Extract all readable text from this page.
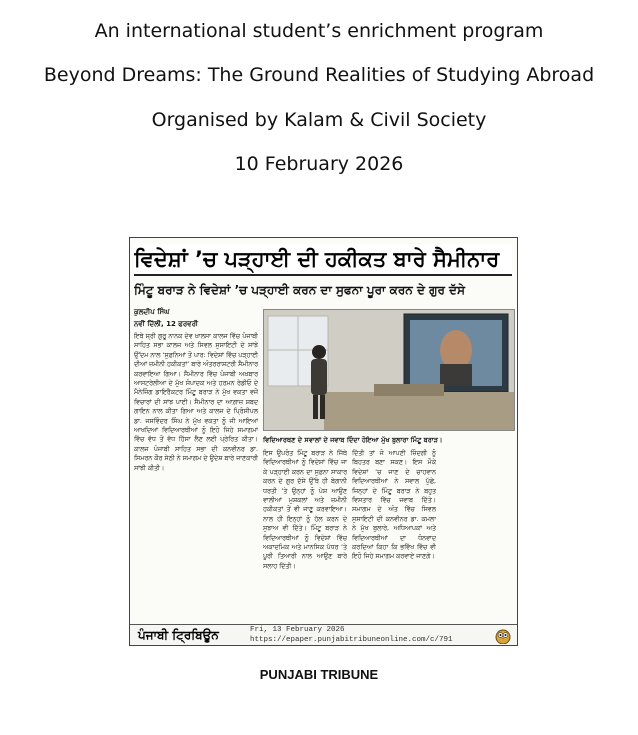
An international student’s enrichment program
Beyond Dreams: The Ground Realities of Studying Abroad
Organised by Kalam & Civil Society
10 February 2026
ਵਿਦੇਸ਼ਾਂ ’ਚ ਪੜ੍ਹਾਈ ਦੀ ਹਕੀਕਤ ਬਾਰੇ ਸੈਮੀਨਾਰ
ਮਿੰਟੂ ਬਰਾੜ ਨੇ ਵਿਦੇਸ਼ਾਂ ’ਚ ਪੜ੍ਹਾਈ ਕਰਨ ਦਾ ਸੁਫਨਾ ਪੂਰਾ ਕਰਨ ਦੇ ਗੁਰ ਦੱਸੇ
ਕੁਲਦੀਪ ਸਿੰਘ
ਨਵੀਂ ਦਿੱਲੀ, 12 ਫਰਵਰੀ
ਇਥੇ ਸ੍ਰੀ ਗੁਰੂ ਨਾਨਕ ਦੇਵ ਖ਼ਾਲਸਾ ਕਾਲਜ ਵਿੱਚ ਪੰਜਾਬੀ ਸਾਹਿਤ ਸਭਾ ਕਾਲਜ ਅਤੇ ਸਿਵਲ ਸੁਸਾਇਟੀ ਦੇ ਸਾਂਝੇ ਉੱਦਮ ਨਾਲ ‘ਸੁਫ਼ਨਿਆਂ ਤੋਂ ਪਾਰ: ਵਿਦੇਸ਼ਾਂ ਵਿੱਚ ਪੜ੍ਹਾਈ ਦੀਆਂ ਜ਼ਮੀਨੀ ਹਕੀਕਤਾਂ’ ਬਾਰੇ ਅੰਤਰਰਾਸ਼ਟਰੀ ਸੈਮੀਨਾਰ ਕਰਵਾਇਆ ਗਿਆ। ਸੈਮੀਨਾਰ ਵਿੱਚ ਪੰਜਾਬੀ ਅਖ਼ਬਾਰ ਆਸਟਰੇਲੀਆ ਦੇ ਮੁੱਖ ਸੰਪਾਦਕ ਅਤੇ ਹਰਮਨ ਰੇਡੀਓ ਦੇ ਮੈਨੇਜਿੰਗ ਡਾਇਰੈਕਟਰ ਮਿੰਟੂ ਬਰਾੜ ਨੇ ਮੁੱਖ ਵਕਤਾ ਵਜੋਂ ਵਿਚਾਰਾਂ ਦੀ ਸਾਂਝ ਪਾਈ। ਸੈਮੀਨਾਰ ਦਾ ਆਗ਼ਾਜ਼ ਸ਼ਬਦ ਗਾਇਨ ਨਾਲ ਕੀਤਾ ਗਿਆ ਅਤੇ ਕਾਲਜ ਦੇ ਪ੍ਰਿੰਸੀਪਲ ਡਾ. ਜਸਵਿੰਦਰ ਸਿੰਘ ਨੇ ਮੁੱਖ ਵਕਤਾ ਨੂੰ ਜੀ ਆਇਆਂ ਆਖਦਿਆਂ ਵਿਦਿਆਰਥੀਆਂ ਨੂੰ ਇਹੋ ਜਿਹੇ ਸਮਾਗਮਾਂ ਵਿੱਚ ਵੱਧ ਤੋਂ ਵੱਧ ਹਿੱਸਾ ਲੈਣ ਲਈ ਪ੍ਰੇਰਿਤ ਕੀਤਾ। ਕਾਲਜ ਪੰਜਾਬੀ ਸਾਹਿਤ ਸਭਾ ਦੀ ਕਨਵੀਨਰ ਡਾ. ਸਿਮਰਨ ਕੌਰ ਸੇਠੀ ਨੇ ਸਮਾਗਮ ਦੇ ਉਦੇਸ਼ ਬਾਰੇ ਜਾਣਕਾਰੀ ਸਾਂਝੀ ਕੀਤੀ।
ਵਿਦਿਆਰਥਣ ਦੇ ਸਵਾਲਾਂ ਦੇ ਜਵਾਬ ਦਿੰਦਾ ਹੋਇਆ ਮੁੱਖ ਬੁਲਾਰਾ ਮਿੰਟੂ ਬਰਾੜ।
ਇਸ ਉਪਰੰਤ ਮਿੰਟੂ ਬਰਾੜ ਨੇ ਜਿੱਥੇ ਵਿਦਿਆਰਥੀਆਂ ਨੂੰ ਵਿਦੇਸ਼ਾਂ ਵਿੱਚ ਜਾ ਕੇ ਪੜ੍ਹਾਈ ਕਰਨ ਦਾ ਸੁਫ਼ਨਾ ਸਾਕਾਰ ਕਰਨ ਦੇ ਗੁਰ ਦੱਸੇ ਉੱਥੇ ਹੀ ਬੇਗਾਨੀ ਧਰਤੀ ’ਤੇ ਉਨ੍ਹਾਂ ਨੂੰ ਪੇਸ਼ ਆਉਣ ਵਾਲੀਆਂ ਮੁਸ਼ਕਲਾਂ ਅਤੇ ਜ਼ਮੀਨੀ ਹਕੀਕਤਾਂ ਤੋਂ ਵੀ ਜਾਣੂ ਕਰਵਾਇਆ। ਨਾਲ ਹੀ ਇਨ੍ਹਾਂ ਨੂੰ ਹੱਲ ਕਰਨ ਦੇ ਸੁਝਾਅ ਵੀ ਦਿੱਤੇ। ਮਿੰਟੂ ਬਰਾੜ ਨੇ ਵਿਦਿਆਰਥੀਆਂ ਨੂੰ ਵਿਦੇਸ਼ਾਂ ਵਿੱਚ ਅਕਾਦਮਿਕ ਅਤੇ ਮਾਨਸਿਕ ਪੱਧਰ ’ਤੇ ਪੂਰੀ ਤਿਆਰੀ ਨਾਲ ਆਉਣ ਬਾਰੇ ਸਲਾਹ ਦਿੱਤੀ।
ਦਿੱਤੀ ਤਾਂ ਜੋ ਆਪਣੀ ਜ਼ਿੰਦਗੀ ਨੂੰ ਬਿਹਤਰ ਬਣਾ ਸਕਣ। ਇਸ ਮੌਕੇ ਵਿਦੇਸ਼ਾਂ ’ਚ ਜਾਣ ਦੇ ਚਾਹਵਾਨ ਵਿਦਿਆਰਥੀਆਂ ਨੇ ਸਵਾਲ ਪੁੱਛੇ, ਜਿਨ੍ਹਾਂ ਦੇ ਮਿੰਟੂ ਬਰਾੜ ਨੇ ਬਹੁਤ ਵਿਸਤਾਰ ਵਿੱਚ ਜਵਾਬ ਦਿੱਤੇ। ਸਮਾਗਮ ਦੇ ਅੰਤ ਵਿੱਚ ਸਿਵਲ ਸੁਸਾਇਟੀ ਦੀ ਕਨਵੀਨਰ ਡਾ. ਕਮਲਾ ਨੇ ਮੁੱਖ ਬੁਲਾਰੇ, ਅਧਿਆਪਕਾਂ ਅਤੇ ਵਿਦਿਆਰਥੀਆਂ ਦਾ ਧੰਨਵਾਦ ਕਰਦਿਆਂ ਕਿਹਾ ਕਿ ਭਵਿੱਖ ਵਿੱਚ ਵੀ ਇਹੋ ਜਿਹੇ ਸਮਾਗਮ ਕਰਵਾਏ ਜਾਣਗੇ।
ਪੰਜਾਬੀ ਟ੍ਰਿਬਿਊਨ	Fri, 13 February 2026
https://epaper.punjabitribuneonline.com/c/791
PUNJABI TRIBUNE
